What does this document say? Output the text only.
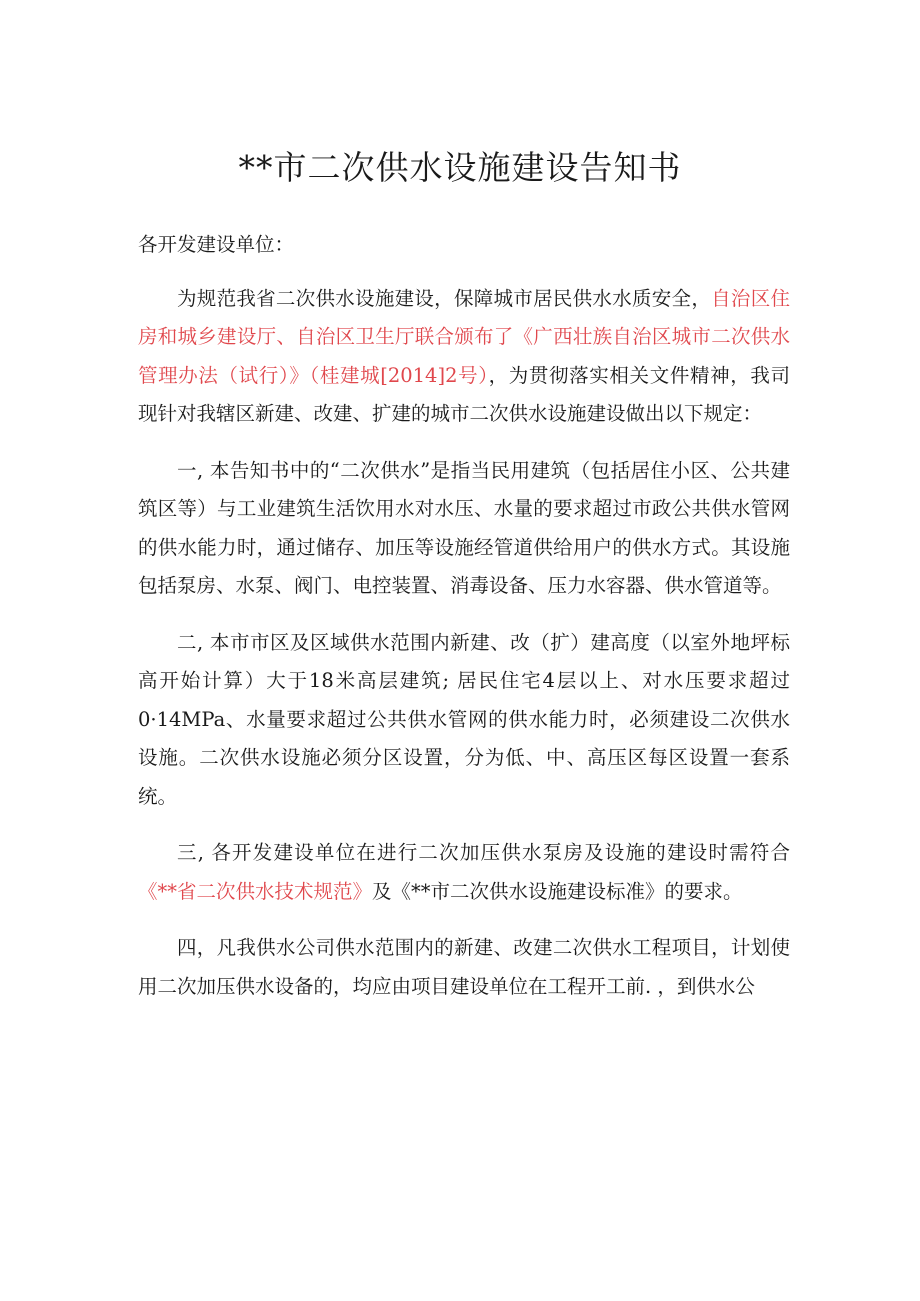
**市二次供水设施建设告知书

各开发建设单位：

为规范我省二次供水设施建设，保障城市居民供水水质安全，自治区住房和城乡建设厅、自治区卫生厅联合颁布了《广西壮族自治区城市二次供水管理办法（试行）》（桂建城[2014]2号），为贯彻落实相关文件精神，我司现针对我辖区新建、改建、扩建的城市二次供水设施建设做出以下规定：

一, 本告知书中的“二次供水”是指当民用建筑（包括居住小区、公共建筑区等）与工业建筑生活饮用水对水压、水量的要求超过市政公共供水管网的供水能力时，通过储存、加压等设施经管道供给用户的供水方式。其设施包括泵房、水泵、阀门、电控装置、消毒设备、压力水容器、供水管道等。

二, 本市市区及区域供水范围内新建、改（扩）建高度（以室外地坪标高开始计算）大于18米高层建筑; 居民住宅4层以上、对水压要求超过0·14MPa、水量要求超过公共供水管网的供水能力时，必须建设二次供水设施。二次供水设施必须分区设置，分为低、中、高压区每区设置一套系统。

三, 各开发建设单位在进行二次加压供水泵房及设施的建设时需符合《**省二次供水技术规范》及《**市二次供水设施建设标准》的要求。

四，凡我供水公司供水范围内的新建、改建二次供水工程项目，计划使用二次加压供水设备的，均应由项目建设单位在工程开工前. ，到供水公
